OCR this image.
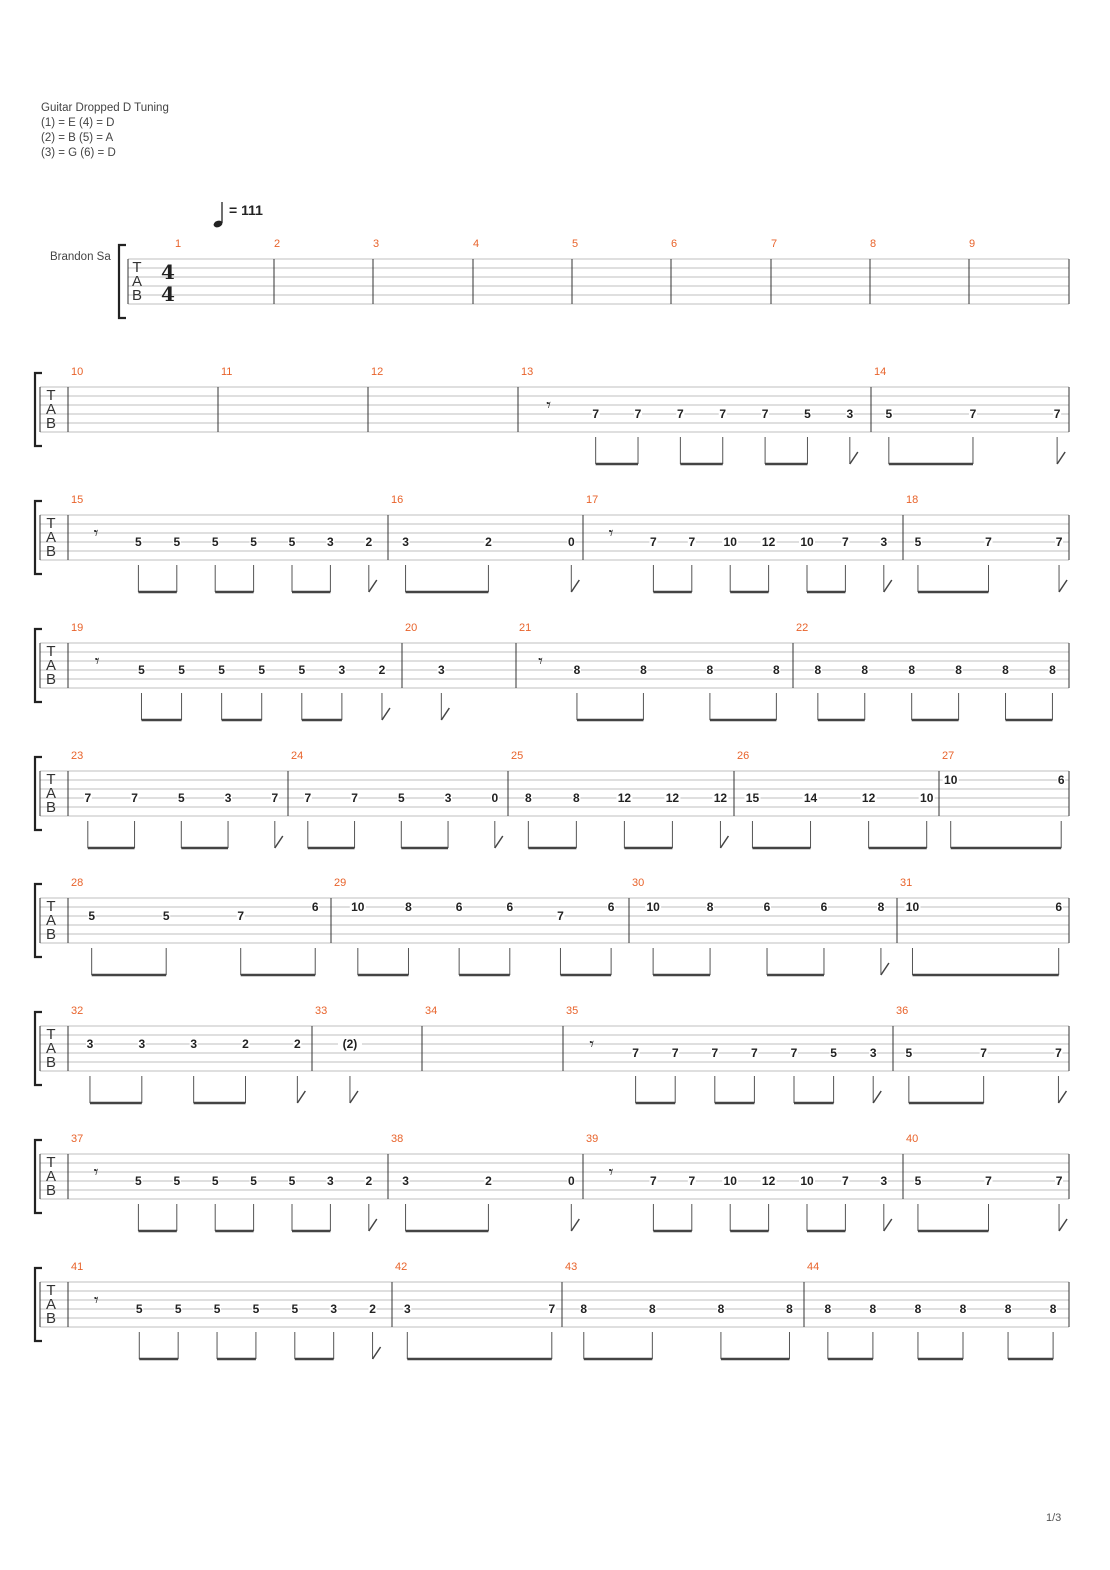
Guitar Dropped D Tuning
(1) = E (4) = D
(2) = B (5) = A
(3) = G (6) = D
= 111
Brandon Sa
T
A
B
4
4
1	2	3	4	5	6	7	8	9
T
A
B
10	11	12	13
𝄾	7	7	7	7	7	5	3
14
5	7	7
T
A
B
15
𝄾	5	5	5	5	5	3	2
16
3	2	0
17
𝄾	7	7 10 12 10 7	3
18
5	7	7
T
A
B
19
𝄾	5	5	5	5	5	3	2
20
3
21
𝄾	8	8	8	8
22
8	8	8	8	8	8
T
A
B
23
7	7	5	3	7
24
7	7	5	3	0
25
8	8	12	12	12
26
15	14	12	10
27
10	6
T
A
B
28
5	5	7
6
29
10	8	6	6
7
6
30
10	8	6	6	8
31
10	6
T
A
B
32
3	3	3	2	2
33
(2)
34	35
𝄾	7	7	7	7	7	5	3
36
5	7	7
T
A
B
37
𝄾	5	5	5	5	5	3	2
38
3	2	0
39
𝄾	7	7 10 12 10 7	3
40
5	7	7
T
A
B
41
𝄾	5	5	5	5	5	3	2
42
3	7
43
8	8	8	8
44
8	8	8	8	8	8
1/3
